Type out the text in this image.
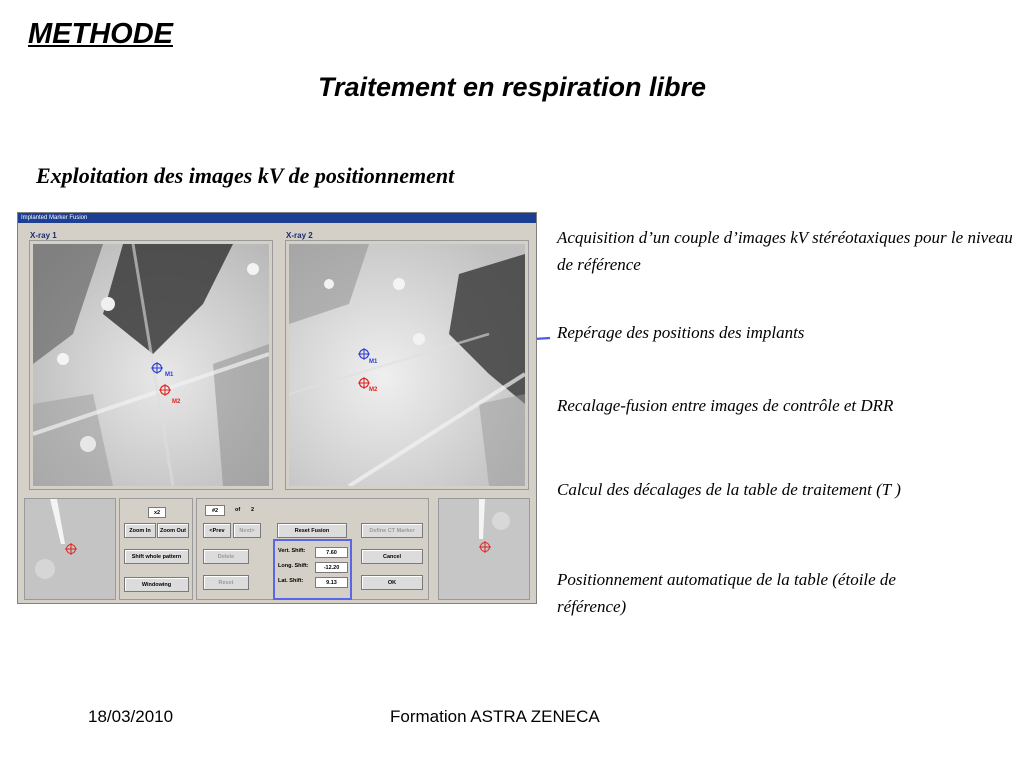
METHODE
Traitement en respiration libre
Exploitation des images kV de positionnement
Acquisition d’un couple d’images kV stéréotaxiques pour le niveau de référence
Repérage des positions des implants
Recalage-fusion entre images de contrôle et DRR
Calcul des décalages de la table de traitement (T )
Positionnement automatique de la table (étoile de référence)
Implanted Marker Fusion
X-ray 1
M1
M2
X-ray 2
M1
M2
x2
Zoom In	Zoom Out
Shift whole pattern
Windowing
#2	of 2
<Prev	Next>
Delete
Reset
Reset Fusion	Define CT Marker
Cancel
OK
Vert. Shift:	7.60
Long. Shift:	-12.20
Lat. Shift:	9.13
18/03/2010	Formation ASTRA ZENECA
